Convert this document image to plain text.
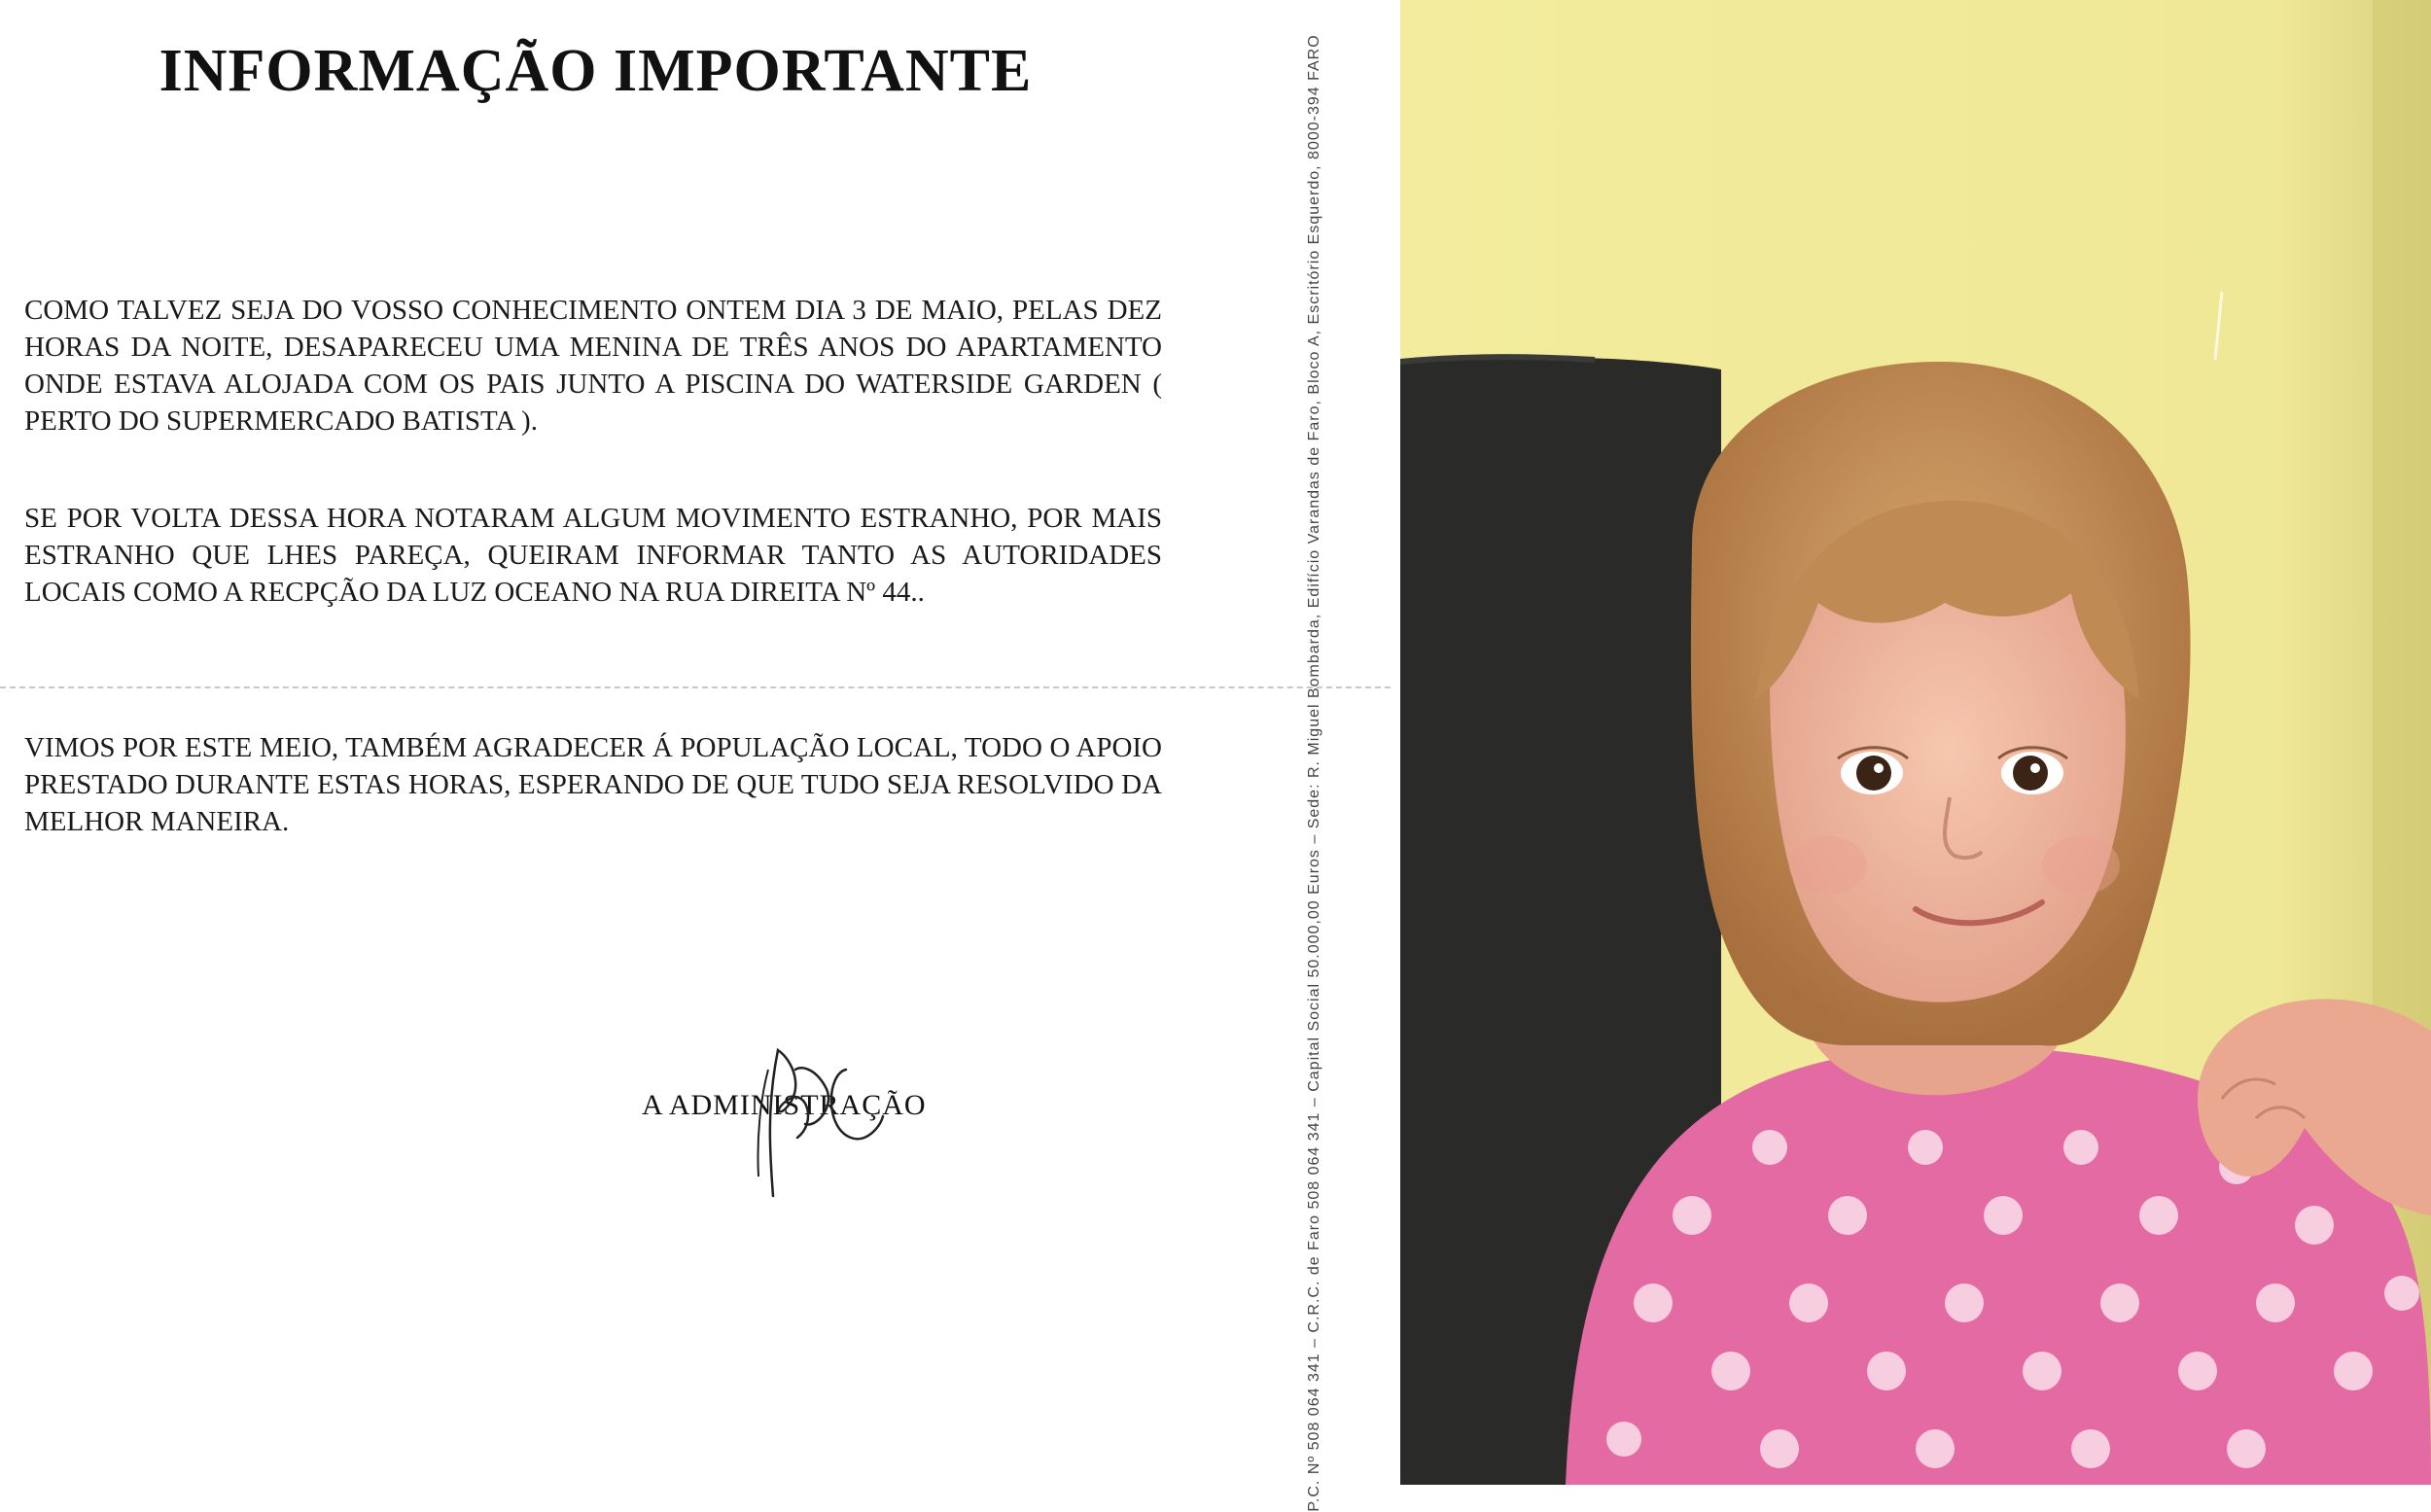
INFORMAÇÃO IMPORTANTE
COMO TALVEZ SEJA DO VOSSO CONHECIMENTO ONTEM DIA 3 DE MAIO, PELAS DEZ HORAS DA NOITE, DESAPARECEU UMA MENINA DE TRÊS ANOS DO APARTAMENTO ONDE ESTAVA ALOJADA COM OS PAIS JUNTO A PISCINA DO WATERSIDE GARDEN ( PERTO DO SUPERMERCADO BATISTA ).
SE POR VOLTA DESSA HORA NOTARAM ALGUM MOVIMENTO ESTRANHO, POR MAIS ESTRANHO QUE LHES PAREÇA, QUEIRAM INFORMAR TANTO AS AUTORIDADES LOCAIS COMO A RECPÇÃO DA LUZ OCEANO NA RUA DIREITA Nº 44..
VIMOS POR ESTE MEIO, TAMBÉM AGRADECER Á POPULAÇÃO LOCAL, TODO O APOIO PRESTADO DURANTE ESTAS HORAS, ESPERANDO DE QUE TUDO SEJA RESOLVIDO DA MELHOR MANEIRA.
A ADMINISTRAÇÃO	P.C. Nº 508 064 341 – C.R.C. de Faro 508 064 341 – Capital Social 50.000,00 Euros – Sede: R. Miguel Bombarda, Edifício Varandas de Faro, Bloco A, Escritório Esquerdo, 8000-394 FARO
